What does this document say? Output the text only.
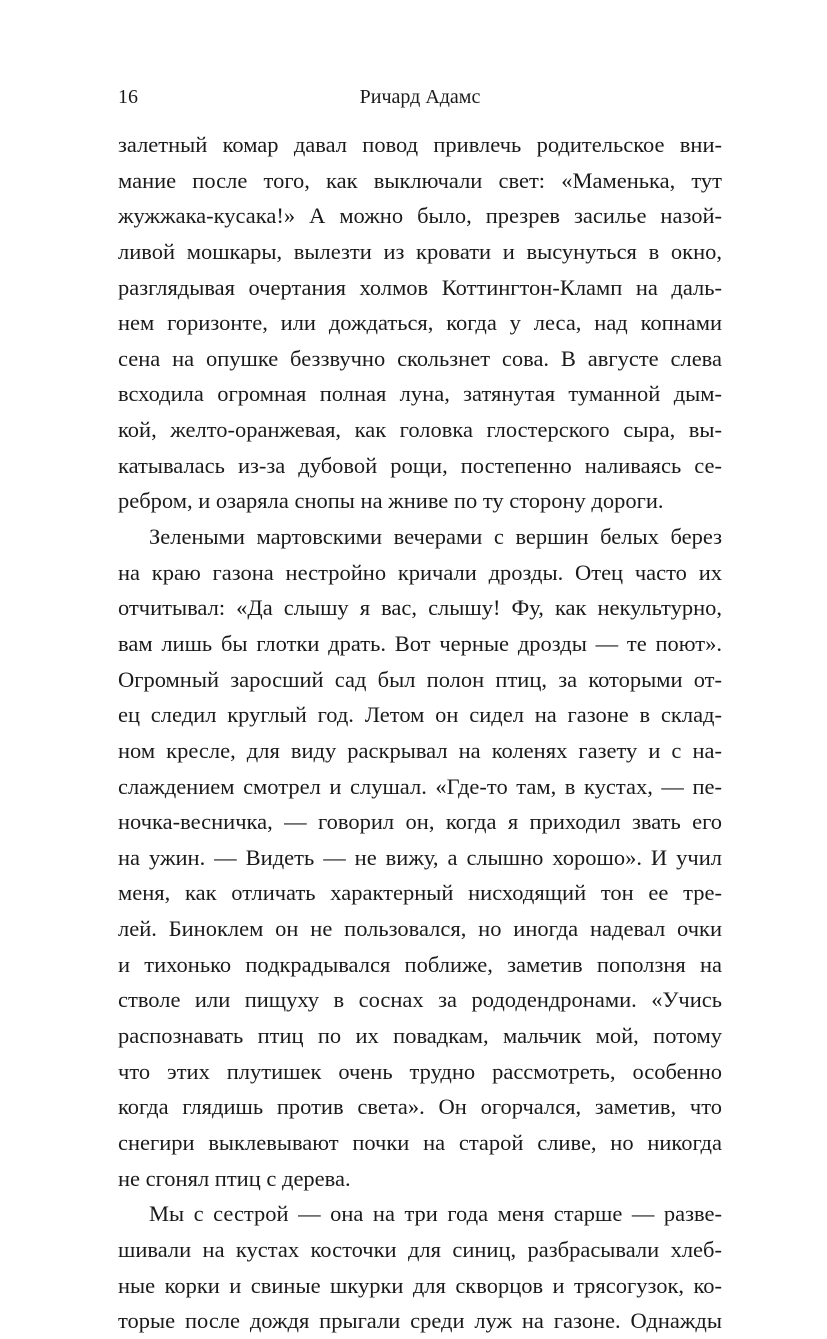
16	Ричард Адамс
залетный комар давал повод привлечь родительское вни-
мание после того, как выключали свет: «Маменька, тут
жужжака-кусака!» А можно было, презрев засилье назой-
ливой мошкары, вылезти из кровати и высунуться в окно,
разглядывая очертания холмов Коттингтон-Кламп на даль-
нем горизонте, или дождаться, когда у леса, над копнами
сена на опушке беззвучно скользнет сова. В августе слева
всходила огромная полная луна, затянутая туманной дым-
кой, желто-оранжевая, как головка глостерского сыра, вы-
катывалась из-за дубовой рощи, постепенно наливаясь се-
ребром, и озаряла снопы на жниве по ту сторону дороги.
Зелеными мартовскими вечерами с вершин белых берез
на краю газона нестройно кричали дрозды. Отец часто их
отчитывал: «Да слышу я вас, слышу! Фу, как некультурно,
вам лишь бы глотки драть. Вот черные дрозды — те поют».
Огромный заросший сад был полон птиц, за которыми от-
ец следил круглый год. Летом он сидел на газоне в склад-
ном кресле, для виду раскрывал на коленях газету и с на-
слаждением смотрел и слушал. «Где-то там, в кустах, — пе-
ночка-весничка, — говорил он, когда я приходил звать его
на ужин. — Видеть — не вижу, а слышно хорошо». И учил
меня, как отличать характерный нисходящий тон ее тре-
лей. Биноклем он не пользовался, но иногда надевал очки
и тихонько подкрадывался поближе, заметив поползня на
стволе или пищуху в соснах за рододендронами. «Учись
распознавать птиц по их повадкам, мальчик мой, потому
что этих плутишек очень трудно рассмотреть, особенно
когда глядишь против света». Он огорчался, заметив, что
снегири выклевывают почки на старой сливе, но никогда
не сгонял птиц с дерева.
Мы с сестрой — она на три года меня старше — разве-
шивали на кустах косточки для синиц, разбрасывали хлеб-
ные корки и свиные шкурки для скворцов и трясогузок, ко-
торые после дождя прыгали среди луж на газоне. Однажды
